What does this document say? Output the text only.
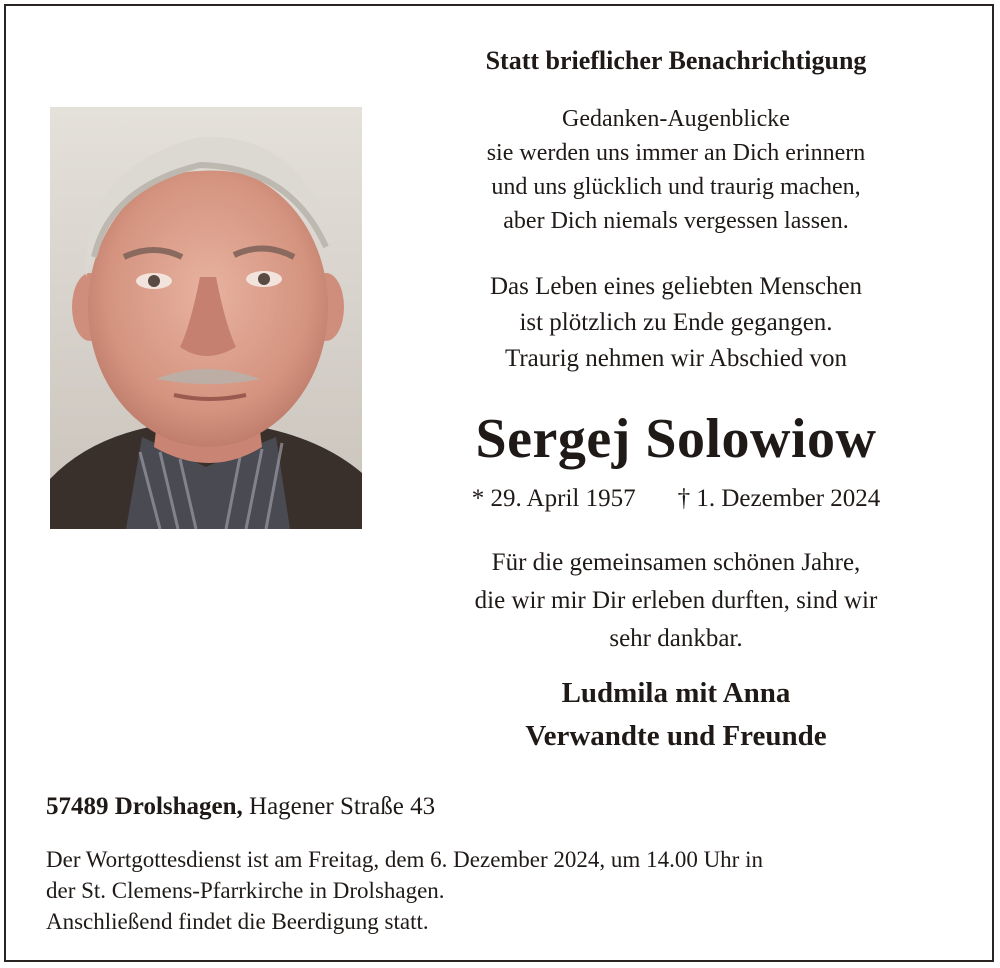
Statt brieflicher Benachrichtigung
Gedanken-Augenblicke
sie werden uns immer an Dich erinnern
und uns glücklich und traurig machen,
aber Dich niemals vergessen lassen.
Das Leben eines geliebten Menschen
ist plötzlich zu Ende gegangen.
Traurig nehmen wir Abschied von
Sergej Solowiow
* 29. April 1957 † 1. Dezember 2024
Für die gemeinsamen schönen Jahre,
die wir mir Dir erleben durften, sind wir
sehr dankbar.
Ludmila mit Anna
Verwandte und Freunde
57489 Drolshagen, Hagener Straße 43
Der Wortgottesdienst ist am Freitag, dem 6. Dezember 2024, um 14.00 Uhr in
der St. Clemens-Pfarrkirche in Drolshagen.
Anschließend findet die Beerdigung statt.
